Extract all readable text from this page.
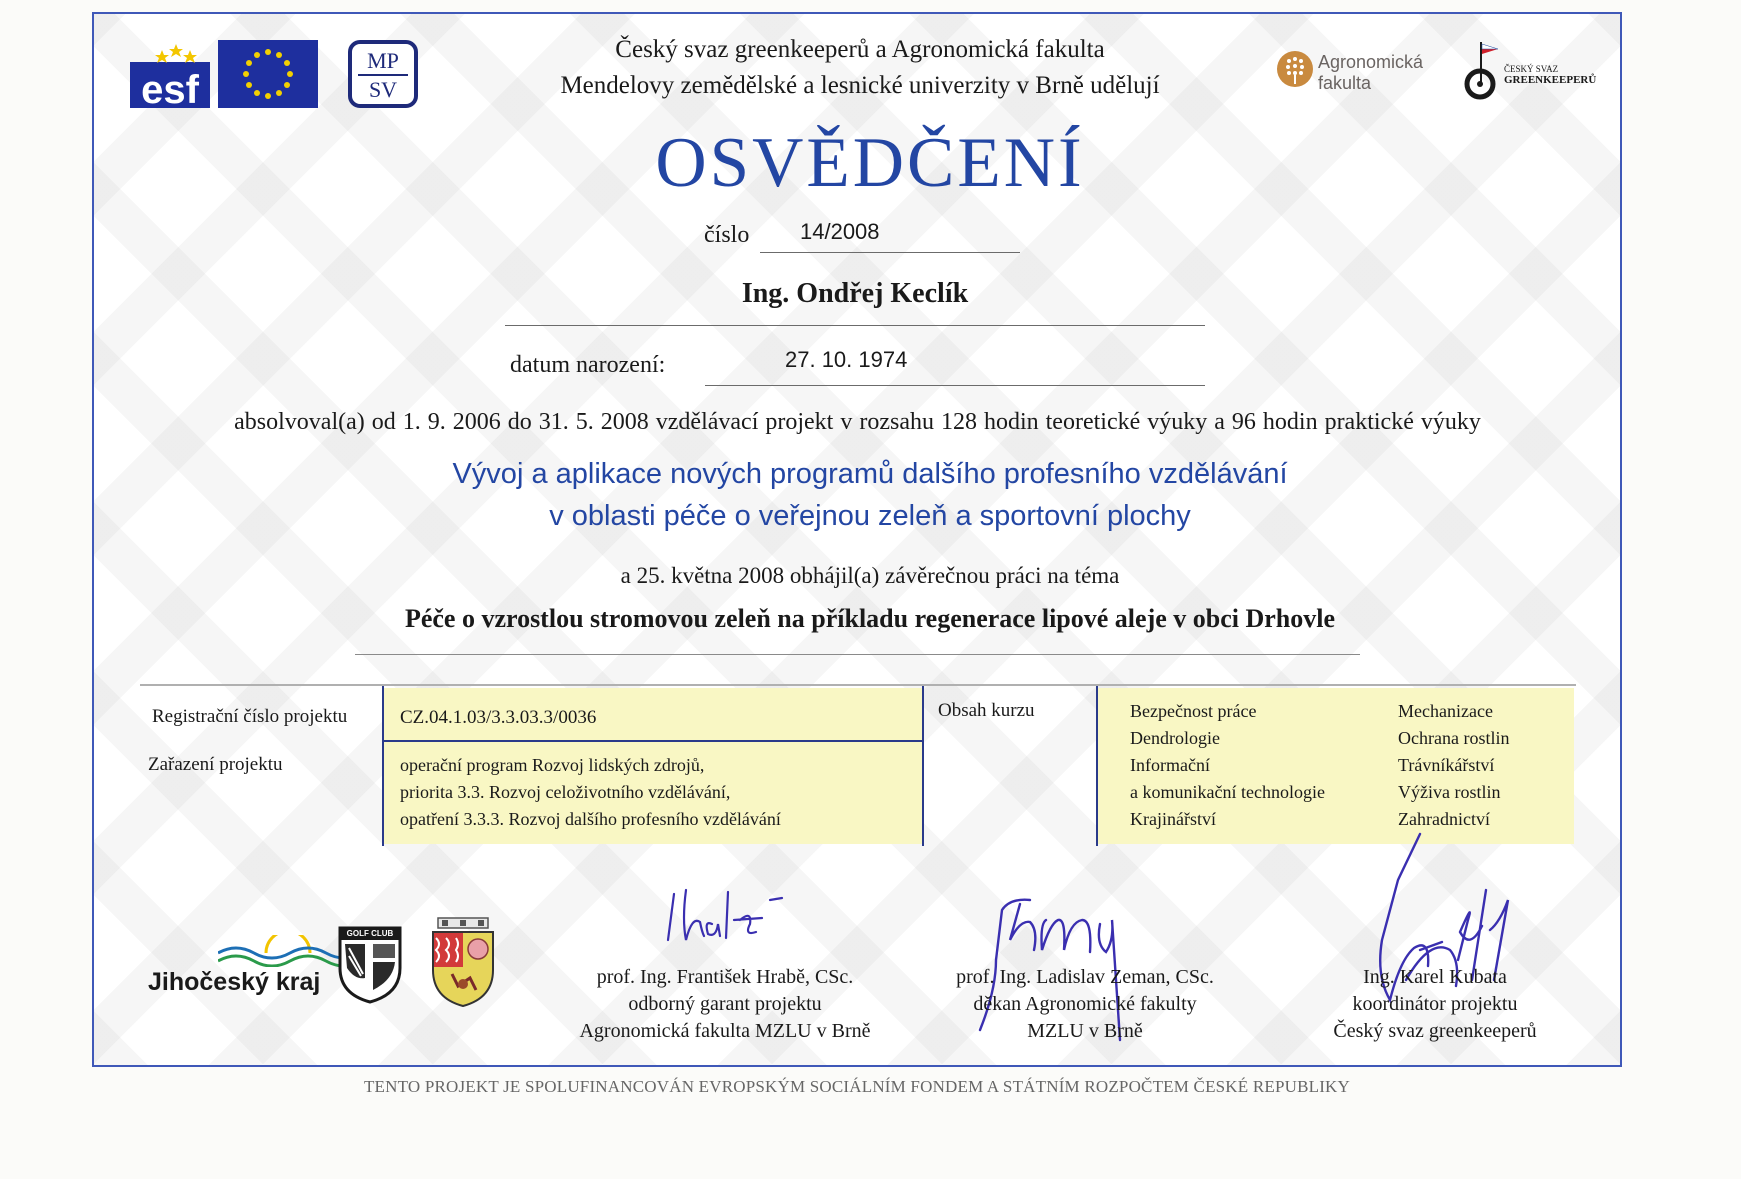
esf
MP
SV
Agronomická
fakulta
ČESKÝ SVAZ
GREENKEEPERŮ
Český svaz greenkeeperů a Agronomická fakulta
Mendelovy zemědělské a lesnické univerzity v Brně udělují
OSVĚDČENÍ
číslo 14/2008
Ing. Ondřej Keclík
datum narození:	27. 10. 1974
absolvoval(a) od 1. 9. 2006 do 31. 5. 2008 vzdělávací projekt v rozsahu 128 hodin teoretické výuky a 96 hodin praktické výuky
Vývoj a aplikace nových programů dalšího profesního vzdělávání
v oblasti péče o veřejnou zeleň a sportovní plochy
a 25. května 2008 obhájil(a) závěrečnou práci na téma
Péče o vzrostlou stromovou zeleň na příkladu regenerace lipové aleje v obci Drhovle
Registrační číslo projektu
Zařazení projektu
CZ.04.1.03/3.3.03.3/0036
operační program Rozvoj lidských zdrojů,
priorita 3.3. Rozvoj celoživotního vzdělávání,
opatření 3.3.3. Rozvoj dalšího profesního vzdělávání
Obsah kurzu	Bezpečnost práce
Dendrologie
Informační
a komunikační technologie
Krajinářství
Mechanizace
Ochrana rostlin
Trávníkářství
Výživa rostlin
Zahradnictví
Jihočeský kraj
GOLF CLUB
prof. Ing. František Hrabě, CSc.
odborný garant projektu
Agronomická fakulta MZLU v Brně
prof. Ing. Ladislav Zeman, CSc.
děkan Agronomické fakulty
MZLU v Brně
Ing. Karel Kubata
koordinátor projektu
Český svaz greenkeeperů
TENTO PROJEKT JE SPOLUFINANCOVÁN EVROPSKÝM SOCIÁLNÍM FONDEM A STÁTNÍM ROZPOČTEM ČESKÉ REPUBLIKY
